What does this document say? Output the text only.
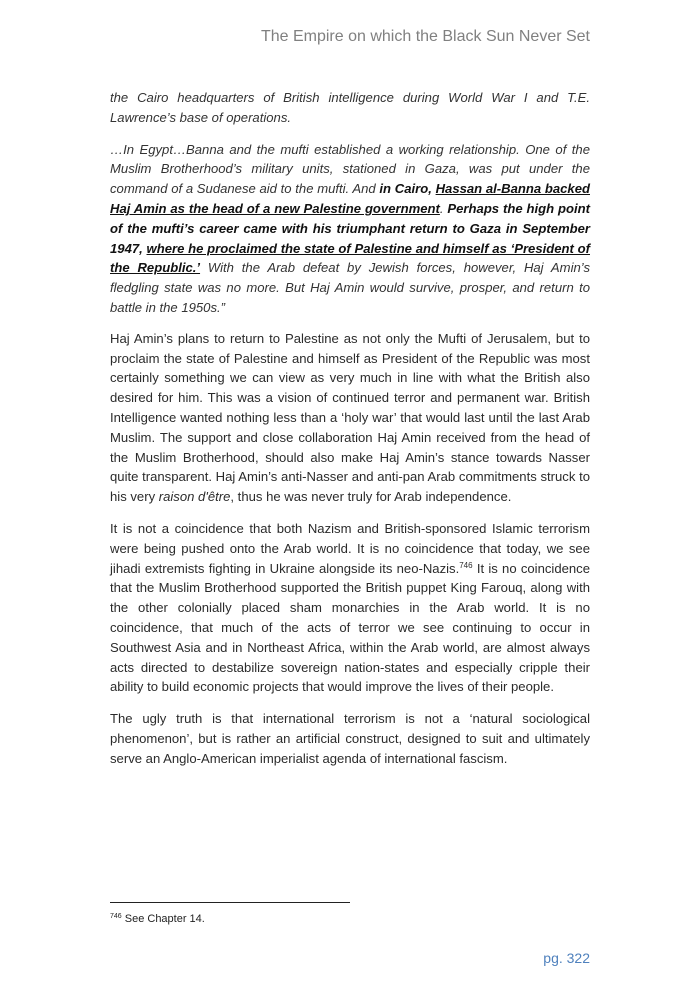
The Empire on which the Black Sun Never Set

the Cairo headquarters of British intelligence during World War I and T.E. Lawrence’s base of operations.

…In Egypt…Banna and the mufti established a working relationship. One of the Muslim Brotherhood’s military units, stationed in Gaza, was put under the command of a Sudanese aid to the mufti. And in Cairo, Hassan al-Banna backed Haj Amin as the head of a new Palestine government. Perhaps the high point of the mufti’s career came with his triumphant return to Gaza in September 1947, where he proclaimed the state of Palestine and himself as ‘President of the Republic.’ With the Arab defeat by Jewish forces, however, Haj Amin’s fledgling state was no more. But Haj Amin would survive, prosper, and return to battle in the 1950s.”

Haj Amin’s plans to return to Palestine as not only the Mufti of Jerusalem, but to proclaim the state of Palestine and himself as President of the Republic was most certainly something we can view as very much in line with what the British also desired for him. This was a vision of continued terror and permanent war. British Intelligence wanted nothing less than a ‘holy war’ that would last until the last Arab Muslim. The support and close collaboration Haj Amin received from the head of the Muslim Brotherhood, should also make Haj Amin’s stance towards Nasser quite transparent. Haj Amin’s anti-Nasser and anti-pan Arab commitments struck to his very raison d'être, thus he was never truly for Arab independence.

It is not a coincidence that both Nazism and British-sponsored Islamic terrorism were being pushed onto the Arab world. It is no coincidence that today, we see jihadi extremists fighting in Ukraine alongside its neo-Nazis.$^{746}$ It is no coincidence that the Muslim Brotherhood supported the British puppet King Farouq, along with the other colonially placed sham monarchies in the Arab world. It is no coincidence, that much of the acts of terror we see continuing to occur in Southwest Asia and in Northeast Africa, within the Arab world, are almost always acts directed to destabilize sovereign nation-states and especially cripple their ability to build economic projects that would improve the lives of their people.

The ugly truth is that international terrorism is not a ‘natural sociological phenomenon’, but is rather an artificial construct, designed to suit and ultimately serve an Anglo-American imperialist agenda of international fascism.

$^{746}$ See Chapter 14.
pg. 322
